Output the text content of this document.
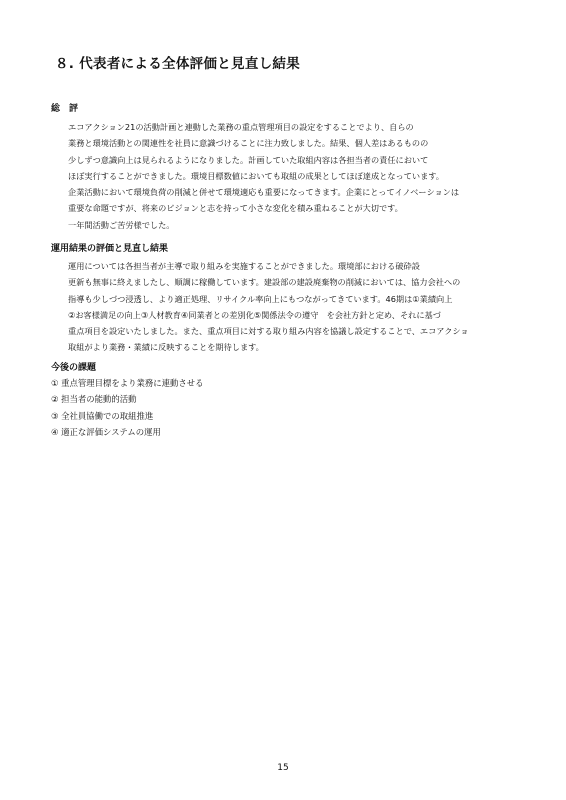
８. 代表者による全体評価と見直し結果
総　評
エコアクション21の活動計画と連動した業務の重点管理項目の設定をすることでより、自らの
業務と環境活動との関連性を社員に意識づけることに注力致しました。結果、個人差はあるものの
少しずつ意識向上は見られるようになりました。計画していた取組内容は各担当者の責任において
ほぼ実行することができました。環境目標数値においても取組の成果としてほぼ達成となっています。
企業活動において環境負荷の削減と併せて環境適応も重要になってきます。企業にとってイノベーションは
重要な命題ですが、将来のビジョンと志を持って小さな変化を積み重ねることが大切です。
一年間活動ご苦労様でした。
運用結果の評価と見直し結果
運用については各担当者が主導で取り組みを実施することができました。環境部における破砕設
更新も無事に終えましたし、順調に稼働しています。建設部の建設廃棄物の削減においては、協力会社への
指導も少しづつ浸透し、より適正処理、リサイクル率向上にもつながってきています。46期は①業績向上
②お客様満足の向上③人材教育④同業者との差別化⑤関係法令の遵守　を会社方針と定め、それに基づ
重点項目を設定いたしました。また、重点項目に対する取り組み内容を協議し設定することで、エコアクショ
取組がより業務・業績に反映することを期待します。
今後の課題
① 重点管理目標をより業務に連動させる
② 担当者の能動的活動
③ 全社員協働での取組推進
④ 適正な評価システムの運用
15
